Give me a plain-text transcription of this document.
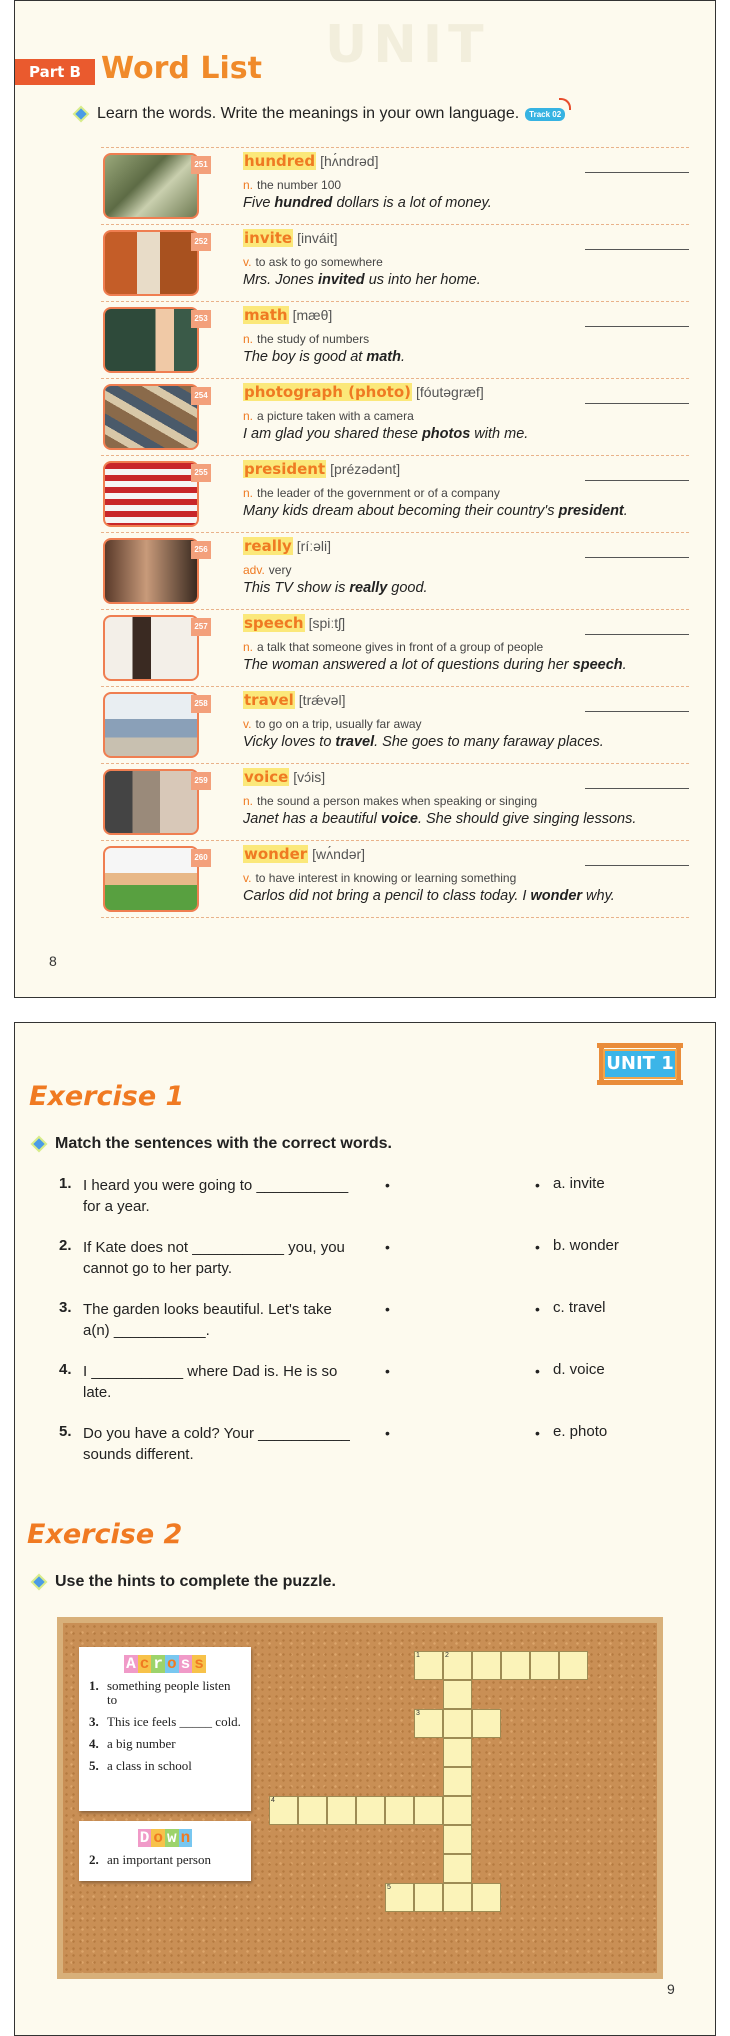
UNIT
Part B Word List
Learn the words. Write the meanings in your own language.	Track 02
251 hundred [hʌ́ndrəd]
n. the number 100
Five hundred dollars is a lot of money.
252 invite [inváit]
v. to ask to go somewhere
Mrs. Jones invited us into her home.
253 math [mæθ]
n. the study of numbers
The boy is good at math.
254 photograph (photo) [fóutəgræf]
n. a picture taken with a camera
I am glad you shared these photos with me.
255 president [prézədənt]
n. the leader of the government or of a company
Many kids dream about becoming their country's president.
256 really [ríːəli]
adv. very
This TV show is really good.
257 speech [spiːtʃ]
n. a talk that someone gives in front of a group of people
The woman answered a lot of questions during her speech.
258 travel [trǽvəl]
v. to go on a trip, usually far away
Vicky loves to travel. She goes to many faraway places.
259 voice [vɔ́is]
n. the sound a person makes when speaking or singing
Janet has a beautiful voice. She should give singing lessons.
260 wonder [wʌ́ndər]
v. to have interest in knowing or learning something
Carlos did not bring a pencil to class today. I wonder why.
8
UNIT 1
Exercise 1
Match the sentences with the correct words.
1. I heard you were going to ___________ for a year.
•	• a. invite
2. If Kate does not ___________ you, you cannot go to her party.
•	• b. wonder
3. The garden looks beautiful. Let's take a(n) ___________.
•	• c. travel
4. I ___________ where Dad is. He is so late.
•	• d. voice
5. Do you have a cold? Your ___________ sounds different.
•	• e. photo
Exercise 2
Use the hints to complete the puzzle.
A c r o s s
1. something people listen to
3. This ice feels _____ cold.
4. a big number
5. a class in school
D o w n
2. an important person
1	2
3
4
5
9
